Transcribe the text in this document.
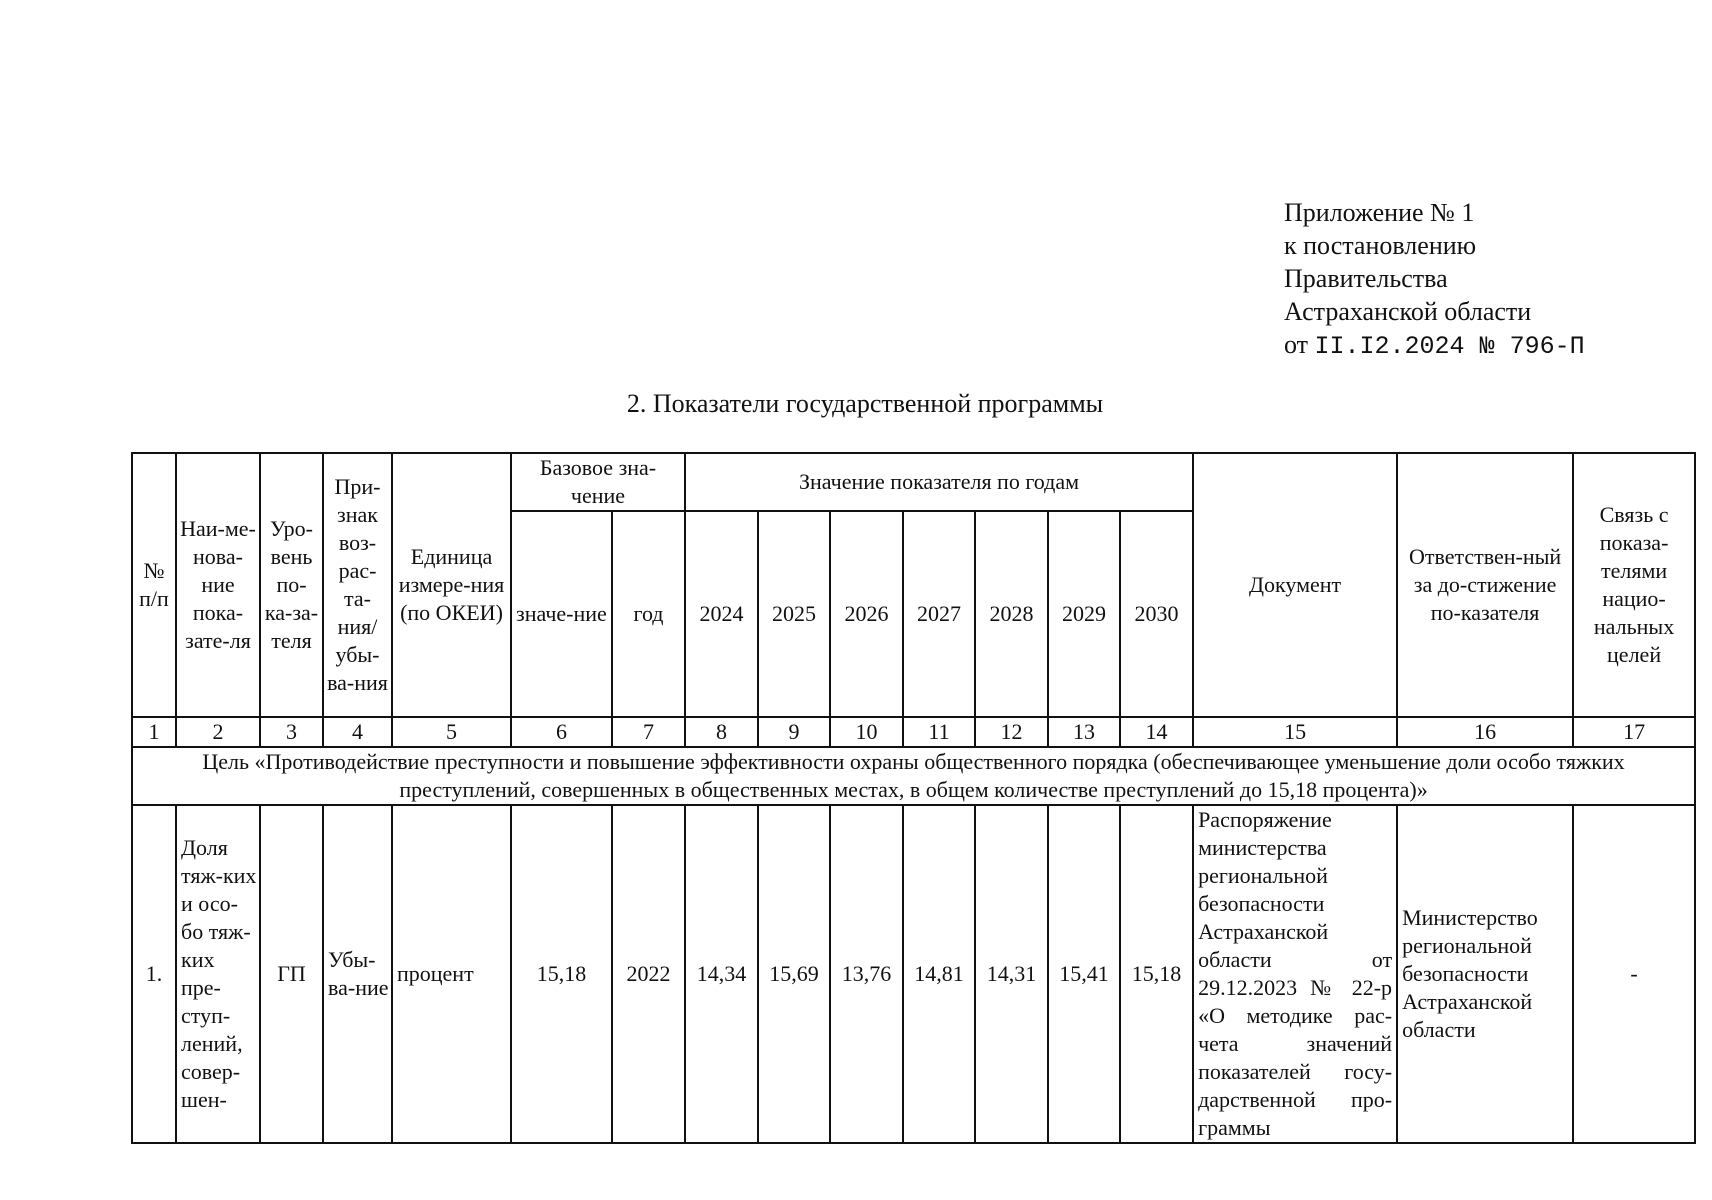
Приложение № 1
к постановлению
Правительства
Астраханской области
от II.I2.2024 № 796-П
2. Показатели государственной программы
№ п/п	Наи-ме-нова-ние пока-зате-ля	Уро-вень по-ка-за-теля	При-знак воз-рас-та-ния/ убы-ва-ния	Единица измере-ния (по ОКЕИ)	Базовое зна-чение		Значение показателя по годам							Документ	Ответствен-ный за до-стижение по-казателя	Связь с показа-телями нацио-нальных целей
					значе-ние	год	2024	2025	2026	2027	2028	2029	2030			
1	2	3	4	5	6	7	8	9	10	11	12	13	14	15	16	17
Цель «Противодействие преступности и повышение эффективности охраны общественного порядка (обеспечивающее уменьшение доли особо тяжких преступлений, совершенных в общественных местах, в общем количестве преступлений до 15,18 процента)»																
1.	Доля тяж-ких и осо-бо тяж-ких пре-ступ-лений, совер-шен-	ГП	Убы-ва-ние	процент	15,18	2022	14,34	15,69	13,76	14,81	14,31	15,41	15,18	Распоряжение министерства региональной безопасности Астраханской области от 29.12.2023 № 22-р «О методике рас-чета значений показателей госу-дарственной про-граммы	Министерство региональной безопасности Астраханской области	-
